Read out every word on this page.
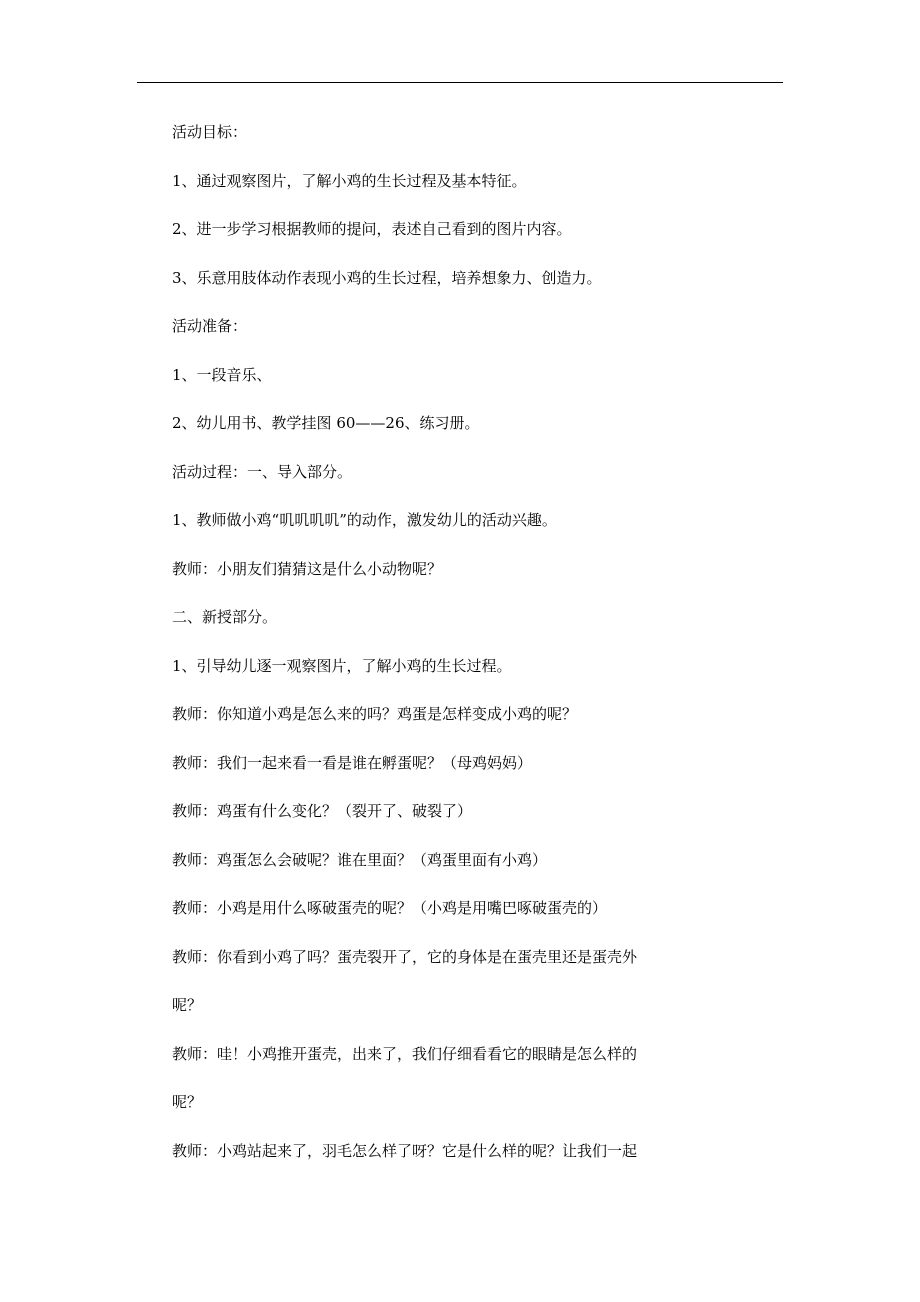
活动目标：
1、通过观察图片，了解小鸡的生长过程及基本特征。
2、进一步学习根据教师的提问，表述自己看到的图片内容。
3、乐意用肢体动作表现小鸡的生长过程，培养想象力、创造力。
活动准备：
1、一段音乐、
2、幼儿用书、教学挂图 60——26、练习册。
活动过程：一、导入部分。
1、教师做小鸡“叽叽叽叽”的动作，激发幼儿的活动兴趣。
教师：小朋友们猜猜这是什么小动物呢？
二、新授部分。
1、引导幼儿逐一观察图片，了解小鸡的生长过程。
教师：你知道小鸡是怎么来的吗？鸡蛋是怎样变成小鸡的呢？
教师：我们一起来看一看是谁在孵蛋呢？（母鸡妈妈）
教师：鸡蛋有什么变化？（裂开了、破裂了）
教师：鸡蛋怎么会破呢？谁在里面？（鸡蛋里面有小鸡）
教师：小鸡是用什么啄破蛋壳的呢？（小鸡是用嘴巴啄破蛋壳的）
教师：你看到小鸡了吗？蛋壳裂开了，它的身体是在蛋壳里还是蛋壳外
呢？
教师：哇！小鸡推开蛋壳，出来了，我们仔细看看它的眼睛是怎么样的
呢？
教师：小鸡站起来了，羽毛怎么样了呀？它是什么样的呢？让我们一起
